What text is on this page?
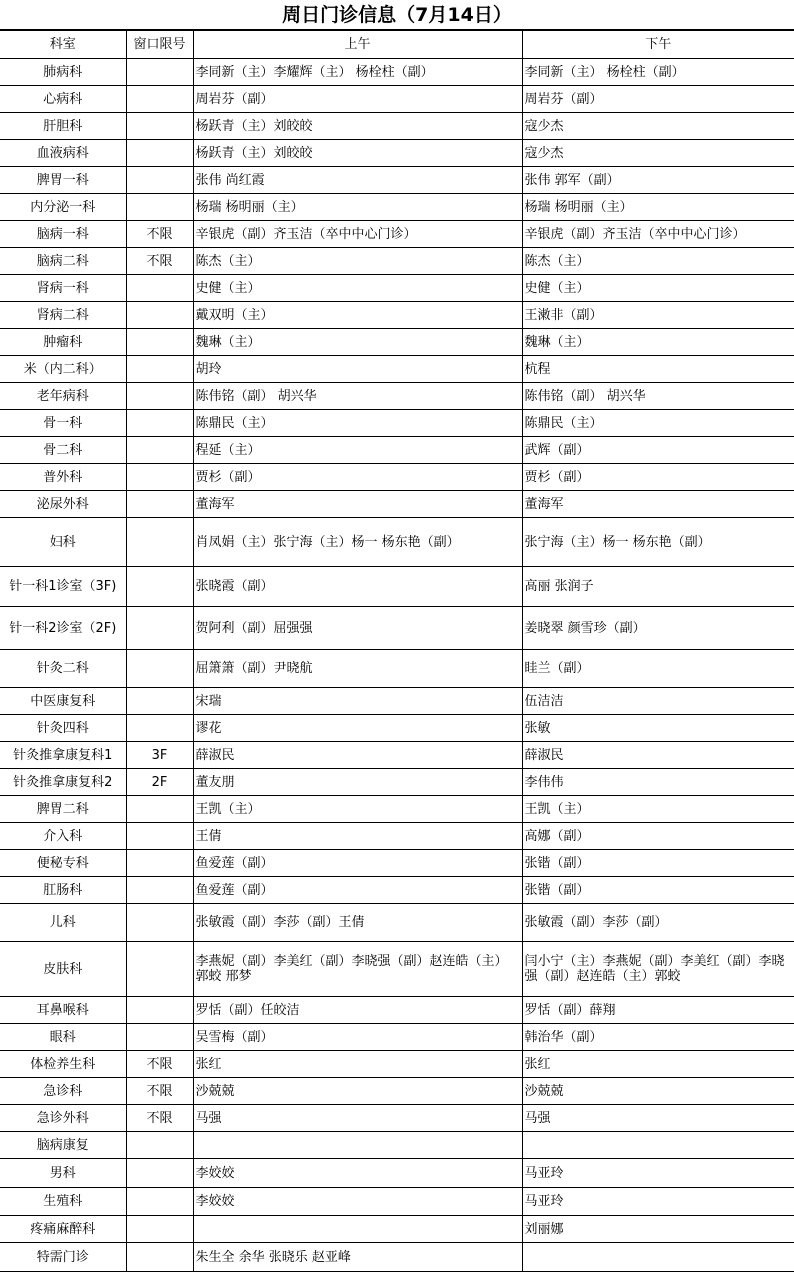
周日门诊信息（7月14日）
科室	窗口限号	上午	下午
肺病科		李同新（主）李耀辉（主） 杨栓柱（副）	李同新（主） 杨栓柱（副）
心病科		周岩芬（副）	周岩芬（副）
肝胆科		杨跃青（主）刘皎皎	寇少杰
血液病科		杨跃青（主）刘皎皎	寇少杰
脾胃一科		张伟 尚红霞	张伟 郭军（副）
内分泌一科		杨瑞 杨明丽（主）	杨瑞 杨明丽（主）
脑病一科	不限	辛银虎（副）齐玉洁（卒中中心门诊）	辛银虎（副）齐玉洁（卒中中心门诊）
脑病二科	不限	陈杰（主）	陈杰（主）
肾病一科		史健（主）	史健（主）
肾病二科		戴双明（主）	王潄非（副）
肿瘤科		魏琳（主）	魏琳（主）
米（内二科）		胡玲	杭程
老年病科		陈伟铭（副） 胡兴华	陈伟铭（副） 胡兴华
骨一科		陈鼎民（主）	陈鼎民（主）
骨二科		程延（主）	武辉（副）
普外科		贾杉（副）	贾杉（副）
泌尿外科		董海军	董海军
妇科		肖凤娟（主）张宁海（主）杨一 杨东艳（副）	张宁海（主）杨一 杨东艳（副）
针一科1诊室（3F)		张晓霞（副）	高丽 张润子
针一科2诊室（2F)		贺阿利（副）屈强强	姜晓翠 颜雪珍（副）
针灸二科		屈箫箫（副）尹晓航	眭兰（副）
中医康复科		宋瑞	伍洁洁
针灸四科		谬花	张敏
针灸推拿康复科1	3F	薛淑民	薛淑民
针灸推拿康复科2	2F	董友朋	李伟伟
脾胃二科		王凯（主）	王凯（主）
介入科		王倩	高娜（副）
便秘专科		鱼爱莲（副）	张锴（副）
肛肠科		鱼爱莲（副）	张锴（副）
儿科		张敏霞（副）李莎（副）王倩	张敏霞（副）李莎（副）
皮肤科		李燕妮（副）李美红（副）李晓强（副）赵连皓（主）郭蛟 邢梦	闫小宁（主）李燕妮（副）李美红（副）李晓强（副）赵连皓（主）郭蛟
耳鼻喉科		罗恬（副）任皎洁	罗恬（副）薛翔
眼科		吴雪梅（副）	韩治华（副）
体检养生科	不限	张红	张红
急诊科	不限	沙兢兢	沙兢兢
急诊外科	不限	马强	马强
脑病康复			
男科		李姣姣	马亚玲
生殖科		李姣姣	马亚玲
疼痛麻醉科			刘丽娜
特需门诊		朱生全 余华 张晓乐 赵亚峰	
